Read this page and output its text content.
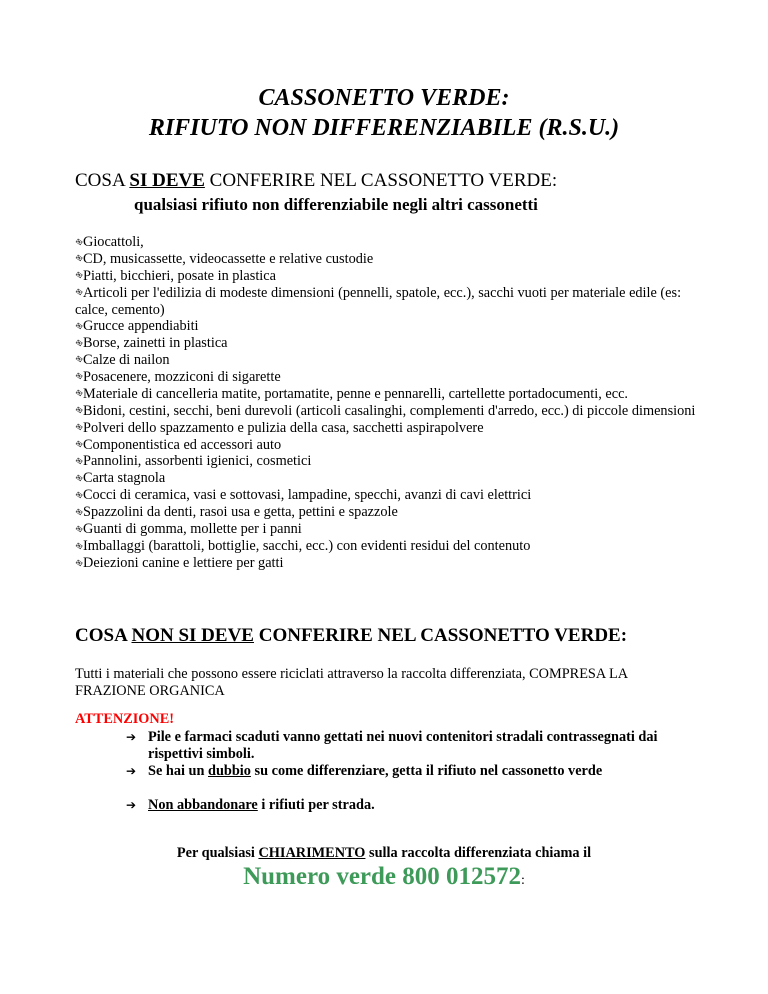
CASSONETTO VERDE:
RIFIUTO NON DIFFERENZIABILE (R.S.U.)
COSA SI DEVE CONFERIRE NEL CASSONETTO VERDE:
qualsiasi rifiuto non differenziabile negli altri cassonetti
✉Giocattoli,
✉CD, musicassette, videocassette e relative custodie
✉Piatti, bicchieri, posate in plastica
✉Articoli per l'edilizia di modeste dimensioni (pennelli, spatole, ecc.), sacchi vuoti per materiale edile (es: calce, cemento)
✉Grucce appendiabiti
✉Borse, zainetti in plastica
✉Calze di nailon
✉Posacenere, mozziconi di sigarette
✉Materiale di cancelleria matite, portamatite, penne e pennarelli, cartellette portadocumenti, ecc.
✉Bidoni, cestini, secchi, beni durevoli (articoli casalinghi, complementi d'arredo, ecc.) di piccole dimensioni
✉Polveri dello spazzamento e pulizia della casa, sacchetti aspirapolvere
✉Componentistica ed accessori auto
✉Pannolini, assorbenti igienici, cosmetici
✉Carta stagnola
✉Cocci di ceramica, vasi e sottovasi, lampadine, specchi, avanzi di cavi elettrici
✉Spazzolini da denti, rasoi usa e getta, pettini e spazzole
✉Guanti di gomma, mollette per i panni
✉Imballaggi (barattoli, bottiglie, sacchi, ecc.) con evidenti residui del contenuto
✉Deiezioni canine e lettiere per gatti
COSA NON SI DEVE CONFERIRE NEL CASSONETTO VERDE:
Tutti i materiali che possono essere riciclati attraverso la raccolta differenziata, COMPRESA LA FRAZIONE ORGANICA
ATTENZIONE!
➔ Pile e farmaci scaduti vanno gettati nei nuovi contenitori stradali contrassegnati dai rispettivi simboli.
➔ Se hai un dubbio su come differenziare, getta il rifiuto nel cassonetto verde
➔ Non abbandonare i rifiuti per strada.
Per qualsiasi CHIARIMENTO sulla raccolta differenziata chiama il
Numero verde 800 012572:
